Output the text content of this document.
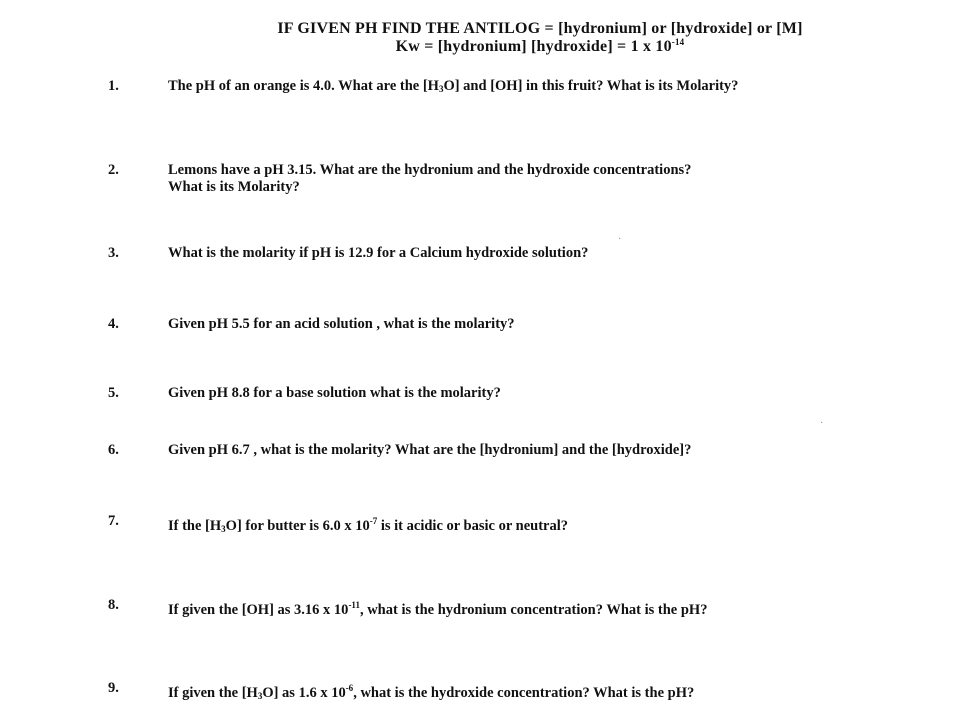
IF GIVEN PH FIND THE ANTILOG = [hydronium] or [hydroxide] or [M]
Kw = [hydronium] [hydroxide] = 1 x $10^{-14}$
1.	The pH of an orange is 4.0. What are the $[H_3O]$ and [OH] in this fruit? What is its Molarity?
2.	Lemons have a pH 3.15. What are the hydronium and the hydroxide concentrations?
What is its Molarity?
3.	What is the molarity if pH is 12.9 for a Calcium hydroxide solution?
4.	Given pH 5.5 for an acid solution , what is the molarity?
5.	Given pH 8.8 for a base solution what is the molarity?
6.	Given pH 6.7 , what is the molarity? What are the [hydronium] and the [hydroxide]?
7.	If the $[H_3O]$ for butter is 6.0 x $10^{-7}$ is it acidic or basic or neutral?
8.	If given the [OH] as 3.16 x $10^{-11}$, what is the hydronium concentration? What is the pH?
9.	If given the $[H_3O]$ as 1.6 x $10^{-6}$, what is the hydroxide concentration? What is the pH?
·
·
